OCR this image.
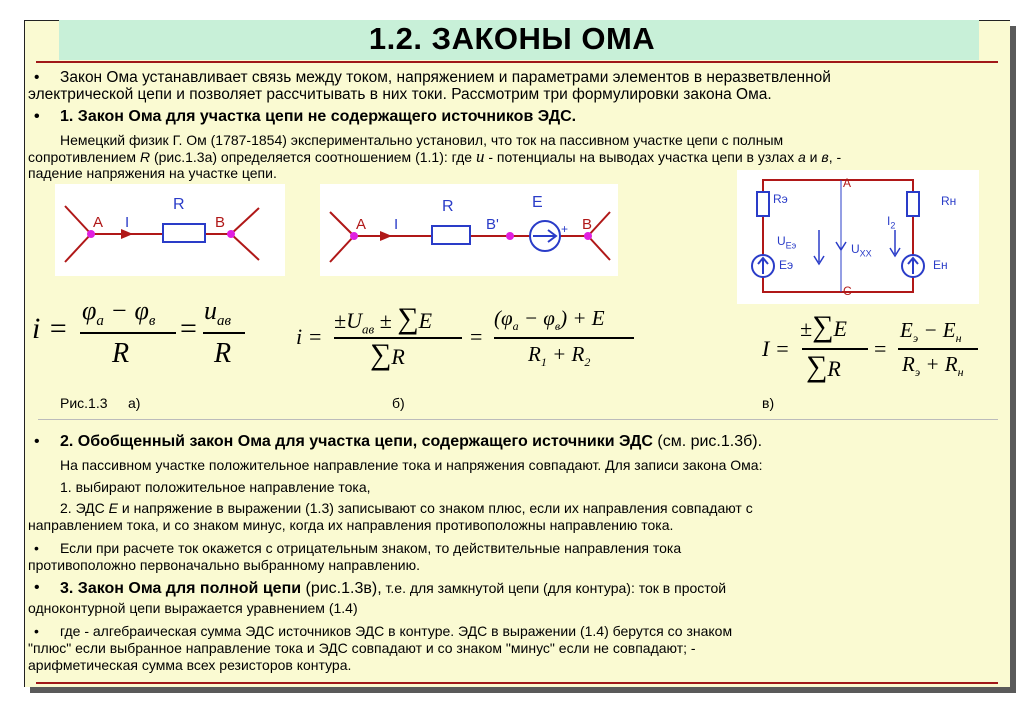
1.2. ЗАКОНЫ ОМА
• Закон Ома устанавливает связь между током, напряжением и параметрами элементов в неразветвленной
электрической цепи и позволяет рассчитывать в них токи. Рассмотрим три формулировки закона Ома.
• 1. Закон Ома для участка цепи не содержащего источников ЭДС.
Немецкий физик Г. Ом (1787-1854) экспериментально установил, что ток на пассивном участке цепи с полным
сопротивлением R (рис.1.3а) определяется соотношением (1.1): где u - потенциалы на выводах участка цепи в узлах а и в, -
падение напряжения на участке цепи.
A I
R
B	A I
R
B'
E
+ B
A
C
Rэ	Rн
$U_{Eэ}$
Eэ
$U_{XX}$
$I_2$
Eн
i =
$\varphi_a - \varphi_в$
R
=
$u_{ав}$
R
i =
$\pm U_{ав} \pm \sum E$
∑R
=
$(\varphi_a - \varphi_в) + E$
$R_1 + R_2$
I =
±∑E
∑R
=
$E_э - E_н$
$R_э + R_н$
Рис.1.3 а)	б)	в)
• 2. Обобщенный закон Ома для участка цепи, содержащего источники ЭДС (см. рис.1.3б).
На пассивном участке положительное направление тока и напряжения совпадают. Для записи закона Ома:
1. выбирают положительное направление тока,
2. ЭДС Е и напряжение в выражении (1.3) записывают со знаком плюс, если их направления совпадают с
направлением тока, и со знаком минус, когда их направления противоположны направлению тока.
• Если при расчете ток окажется с отрицательным знаком, то действительные направления тока
противоположно первоначально выбранному направлению.
• 3. Закон Ома для полной цепи (рис.1.3в), т.е. для замкнутой цепи (для контура): ток в простой
одноконтурной цепи выражается уравнением (1.4)
• где - алгебраическая сумма ЭДС источников ЭДС в контуре. ЭДС в выражении (1.4) берутся со знаком
"плюс" если выбранное направление тока и ЭДС совпадают и со знаком "минус" если не совпадают; -
арифметическая сумма всех резисторов контура.
